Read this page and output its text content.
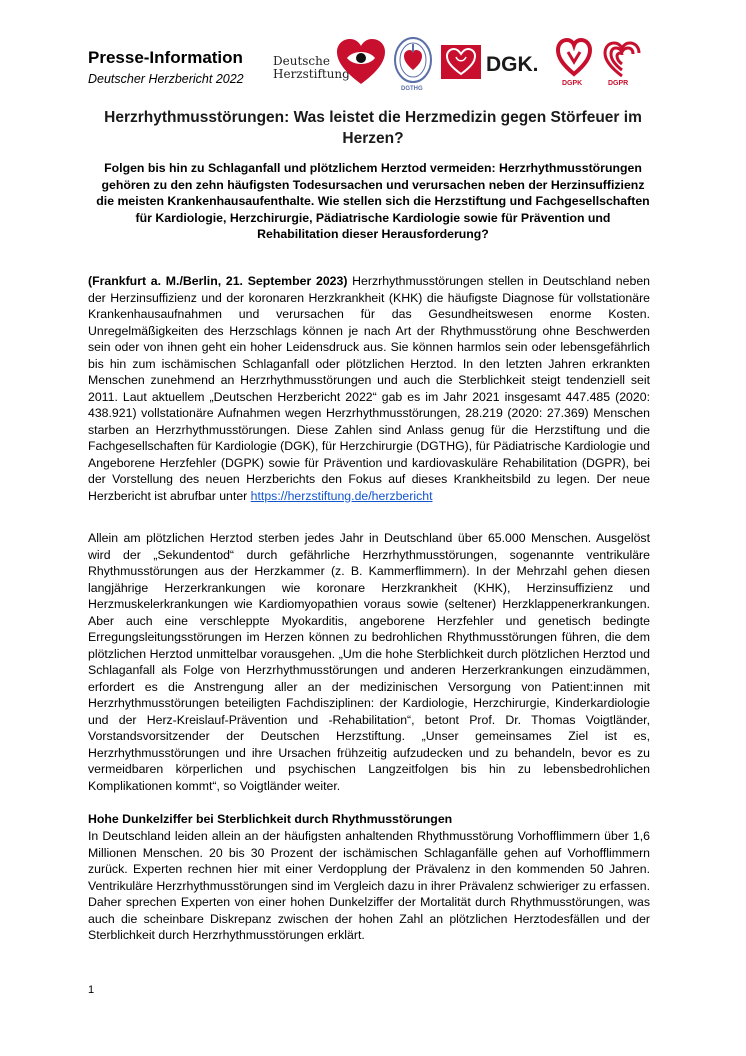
Presse-Information
Deutscher Herzbericht 2022
Deutsche
Herzstiftung
DGTHG
DGK.
DGPK	DGPR
Herzrhythmusstörungen: Was leistet die Herzmedizin gegen Störfeuer im Herzen?
Folgen bis hin zu Schlaganfall und plötzlichem Herztod vermeiden: Herzrhythmusstörungen gehören zu den zehn häufigsten Todesursachen und verursachen neben der Herzinsuffizienz die meisten Krankenhausaufenthalte. Wie stellen sich die Herzstiftung und Fachgesellschaften für Kardiologie, Herzchirurgie, Pädiatrische Kardiologie sowie für Prävention und Rehabilitation dieser Herausforderung?
(Frankfurt a. M./Berlin, 21. September 2023) Herzrhythmusstörungen stellen in Deutschland neben der Herzinsuffizienz und der koronaren Herzkrankheit (KHK) die häufigste Diagnose für vollstationäre Krankenhausaufnahmen und verursachen für das Gesundheitswesen enorme Kosten. Unregelmäßigkeiten des Herzschlags können je nach Art der Rhythmusstörung ohne Beschwerden sein oder von ihnen geht ein hoher Leidensdruck aus. Sie können harmlos sein oder lebensgefährlich bis hin zum ischämischen Schlaganfall oder plötzlichen Herztod. In den letzten Jahren erkrankten Menschen zunehmend an Herzrhythmusstörungen und auch die Sterblichkeit steigt tendenziell seit 2011. Laut aktuellem „Deutschen Herzbericht 2022“ gab es im Jahr 2021 insgesamt 447.485 (2020: 438.921) vollstationäre Aufnahmen wegen Herzrhythmusstörungen, 28.219 (2020: 27.369) Menschen starben an Herzrhythmusstörungen. Diese Zahlen sind Anlass genug für die Herzstiftung und die Fachgesellschaften für Kardiologie (DGK), für Herzchirurgie (DGTHG), für Pädiatrische Kardiologie und Angeborene Herzfehler (DGPK) sowie für Prävention und kardiovaskuläre Rehabilitation (DGPR), bei der Vorstellung des neuen Herzberichts den Fokus auf dieses Krankheitsbild zu legen. Der neue Herzbericht ist abrufbar unter https://herzstiftung.de/herzbericht
Allein am plötzlichen Herztod sterben jedes Jahr in Deutschland über 65.000 Menschen. Ausgelöst wird der „Sekundentod“ durch gefährliche Herzrhythmusstörungen, sogenannte ventrikuläre Rhythmusstörungen aus der Herzkammer (z. B. Kammerflimmern). In der Mehrzahl gehen diesen langjährige Herzerkrankungen wie koronare Herzkrankheit (KHK), Herzinsuffizienz und Herzmuskelerkrankungen wie Kardiomyopathien voraus sowie (seltener) Herzklappenerkrankungen. Aber auch eine verschleppte Myokarditis, angeborene Herzfehler und genetisch bedingte Erregungsleitungsstörungen im Herzen können zu bedrohlichen Rhythmusstörungen führen, die dem plötzlichen Herztod unmittelbar vorausgehen. „Um die hohe Sterblichkeit durch plötzlichen Herztod und Schlaganfall als Folge von Herzrhythmusstörungen und anderen Herzerkrankungen einzudämmen, erfordert es die Anstrengung aller an der medizinischen Versorgung von Patient:innen mit Herzrhythmusstörungen beteiligten Fachdisziplinen: der Kardiologie, Herzchirurgie, Kinderkardiologie und der Herz-Kreislauf-Prävention und -Rehabilitation“, betont Prof. Dr. Thomas Voigtländer, Vorstandsvorsitzender der Deutschen Herzstiftung. „Unser gemeinsames Ziel ist es, Herzrhythmusstörungen und ihre Ursachen frühzeitig aufzudecken und zu behandeln, bevor es zu vermeidbaren körperlichen und psychischen Langzeitfolgen bis hin zu lebensbedrohlichen Komplikationen kommt“, so Voigtländer weiter.
Hohe Dunkelziffer bei Sterblichkeit durch Rhythmusstörungen
In Deutschland leiden allein an der häufigsten anhaltenden Rhythmusstörung Vorhofflimmern über 1,6 Millionen Menschen. 20 bis 30 Prozent der ischämischen Schlaganfälle gehen auf Vorhofflimmern zurück. Experten rechnen hier mit einer Verdopplung der Prävalenz in den kommenden 50 Jahren. Ventrikuläre Herzrhythmusstörungen sind im Vergleich dazu in ihrer Prävalenz schwieriger zu erfassen. Daher sprechen Experten von einer hohen Dunkelziffer der Mortalität durch Rhythmusstörungen, was auch die scheinbare Diskrepanz zwischen der hohen Zahl an plötzlichen Herztodesfällen und der Sterblichkeit durch Herzrhythmusstörungen erklärt.
1
